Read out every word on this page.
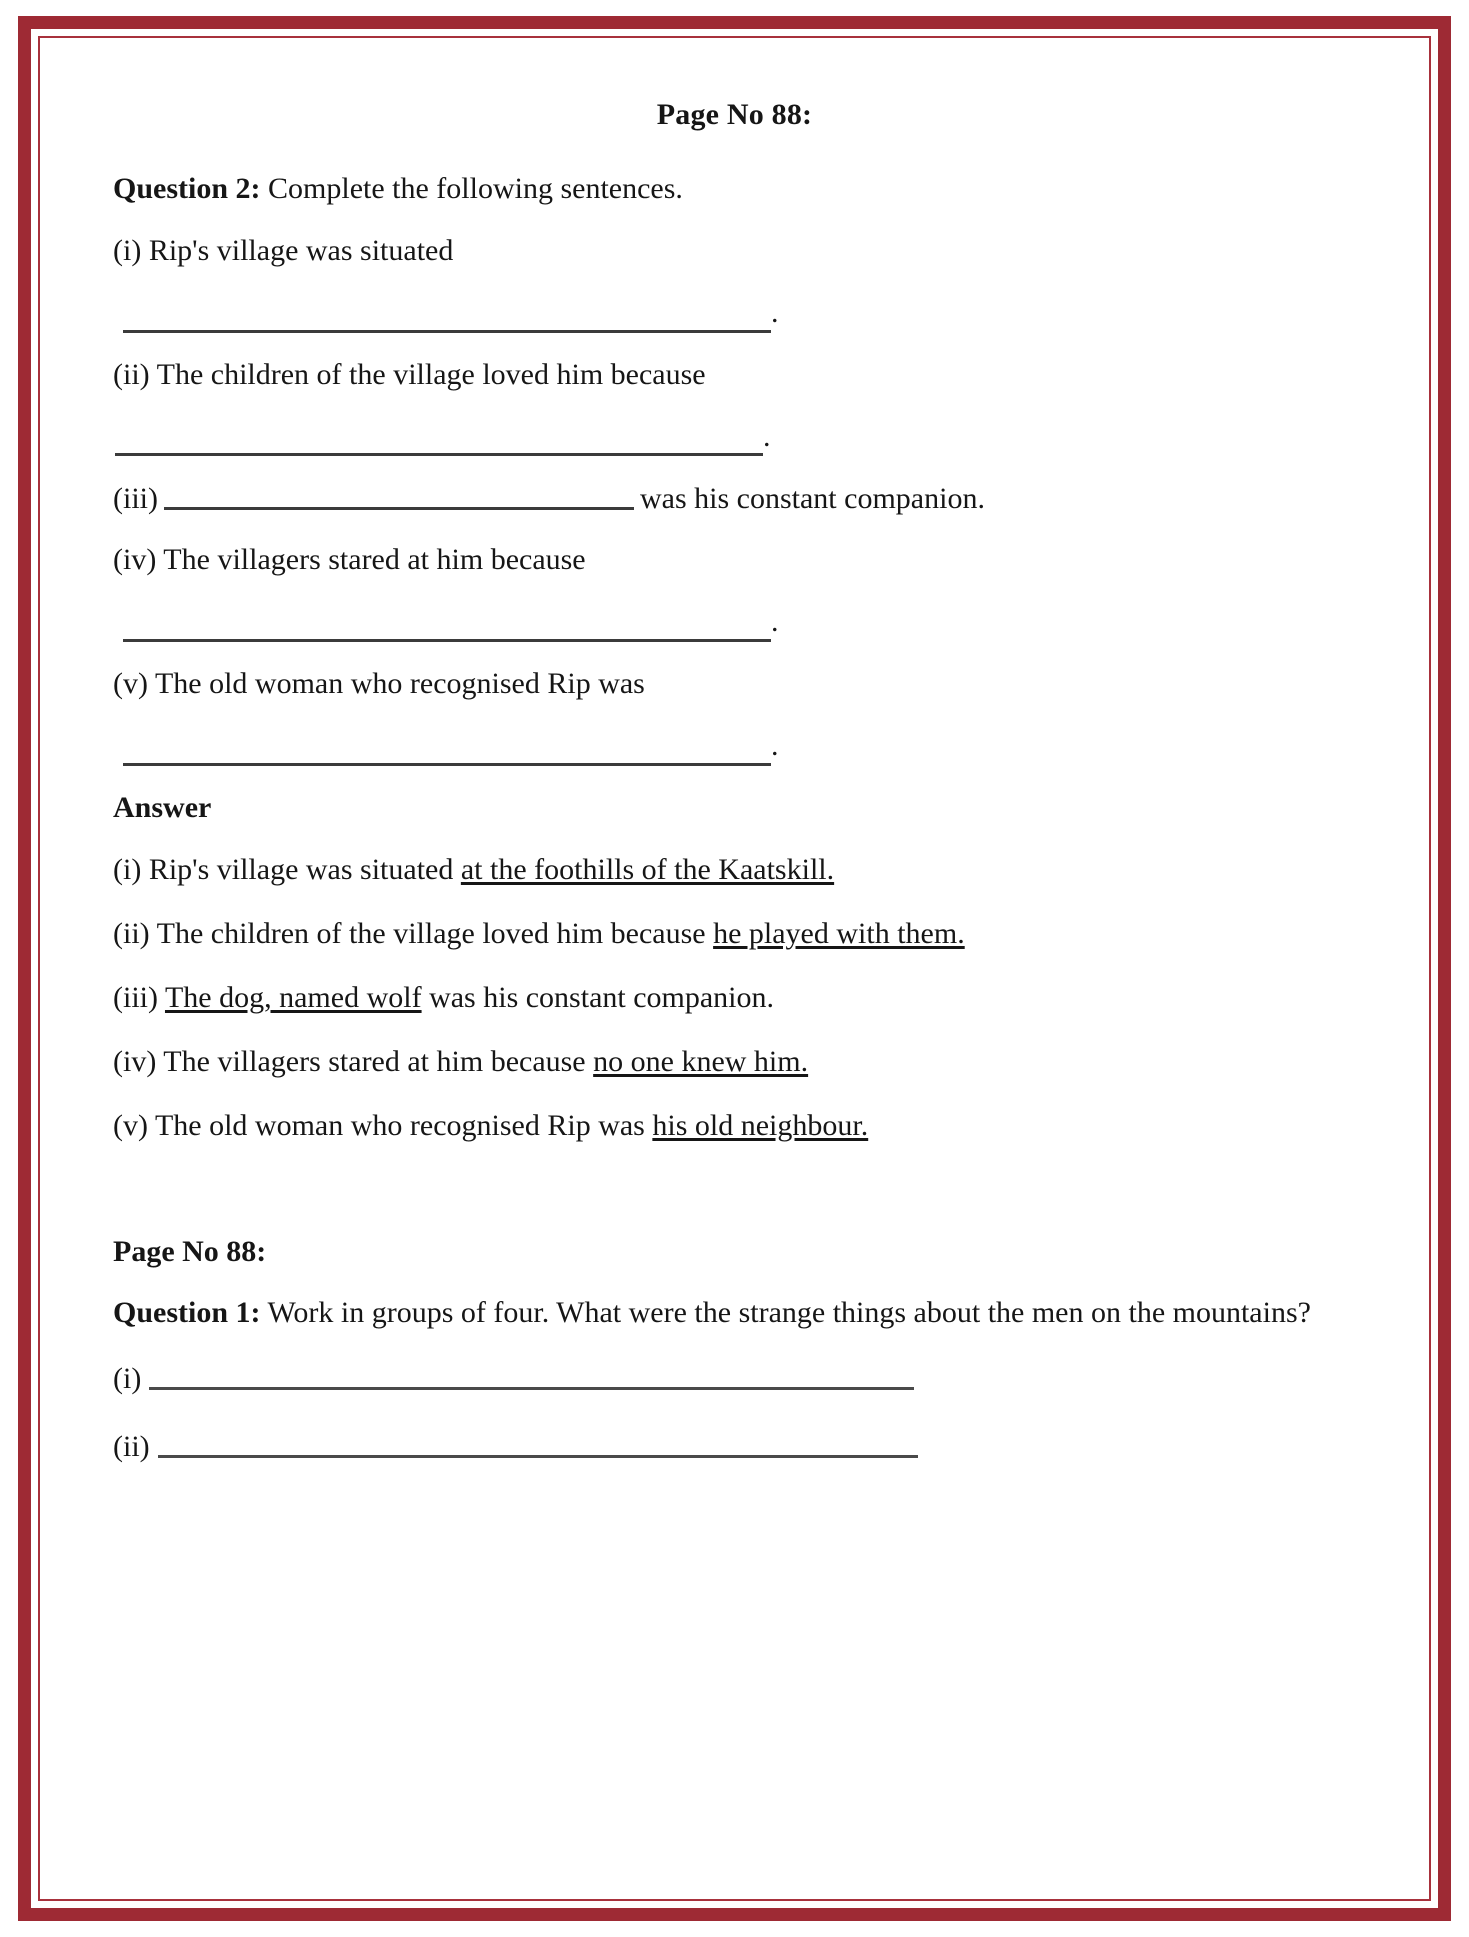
Page No 88:

Question 2: Complete the following sentences.

(i) Rip's village was situated

.

(ii) The children of the village loved him because

.

(iii)	was his constant companion.

(iv) The villagers stared at him because

.

(v) The old woman who recognised Rip was

.
Answer

(i) Rip's village was situated at the foothills of the Kaatskill.

(ii) The children of the village loved him because he played with them.

(iii) The dog, named wolf was his constant companion.

(iv) The villagers stared at him because no one knew him.

(v) The old woman who recognised Rip was his old neighbour.

Page No 88:

Question 1: Work in groups of four. What were the strange things about the men on the mountains?

(i)
(ii)
